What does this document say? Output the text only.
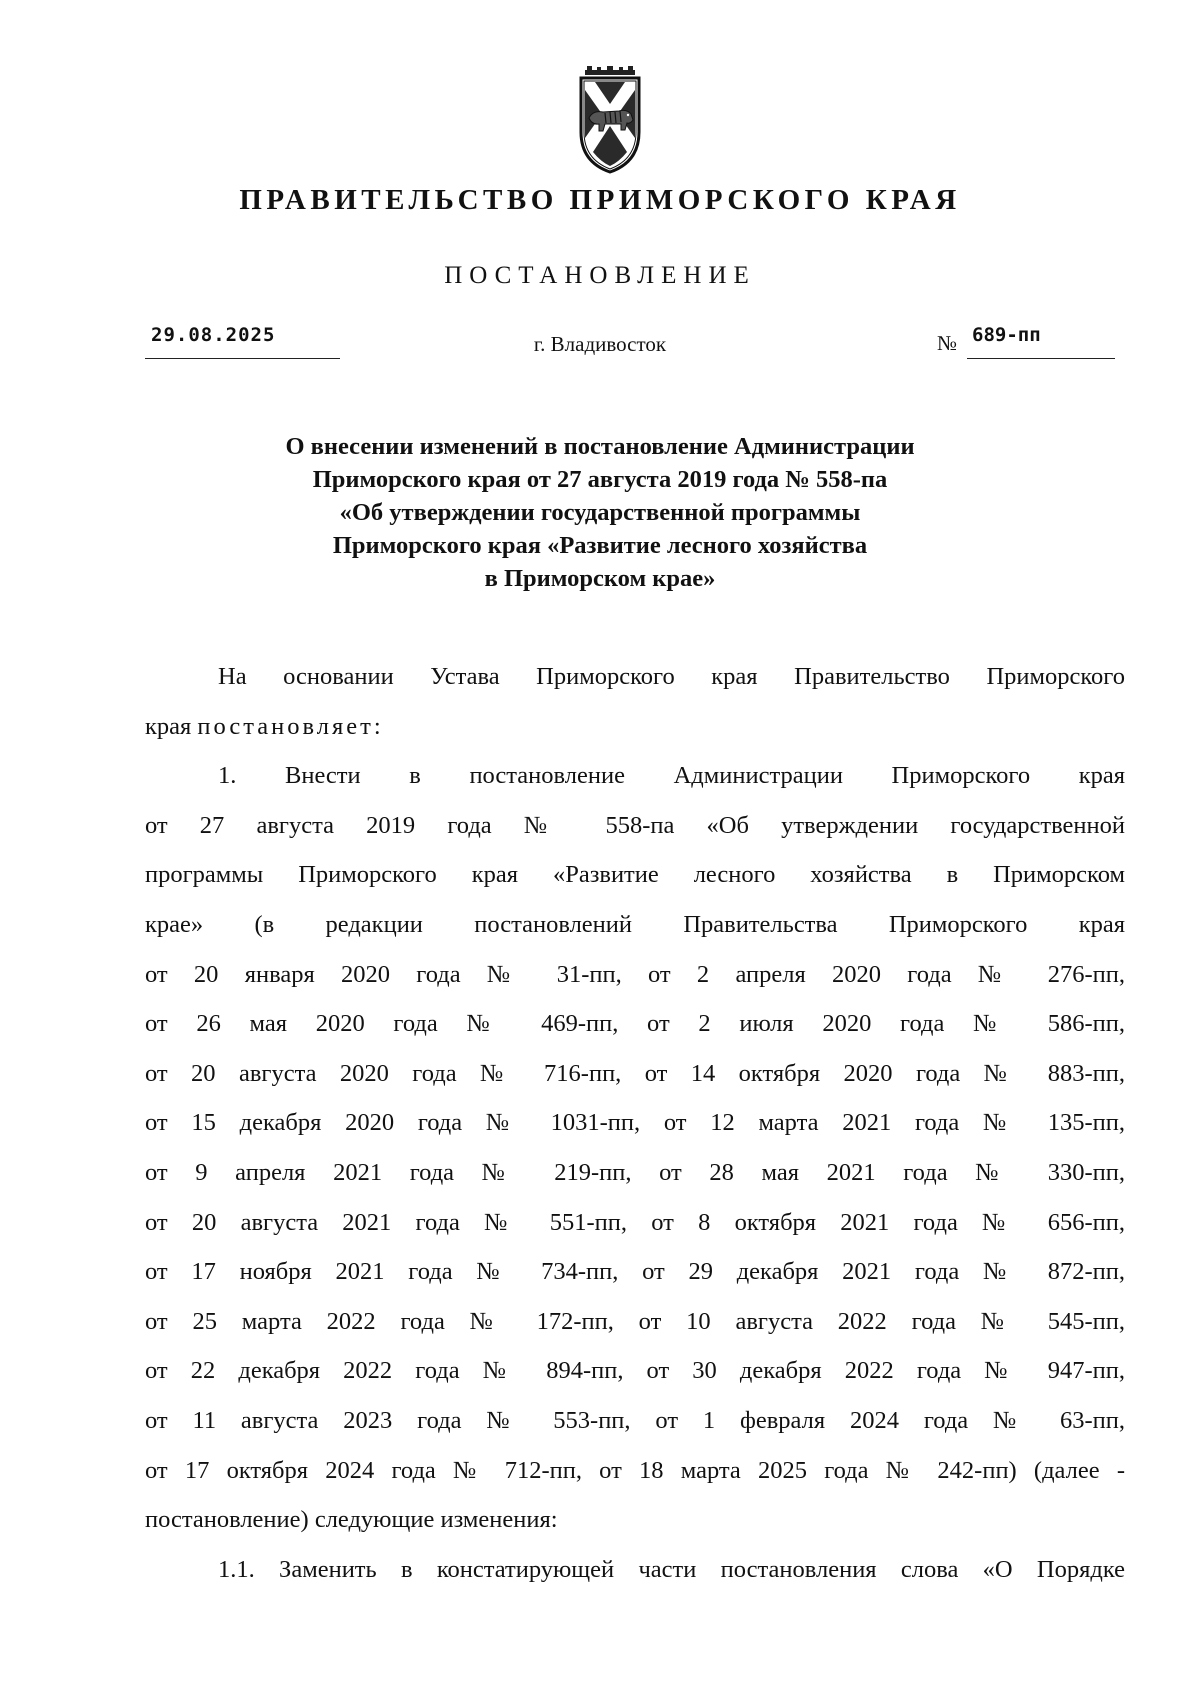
ПРАВИТЕЛЬСТВО ПРИМОРСКОГО КРАЯ
ПОСТАНОВЛЕНИЕ
29.08.2025	г. Владивосток	№ 689-пп
О внесении изменений в постановление Администрации
Приморского края от 27 августа 2019 года № 558-па
«Об утверждении государственной программы
Приморского края «Развитие лесного хозяйства
в Приморском крае»
На основании Устава Приморского края Правительство Приморского
края постановляет:
1. Внести в постановление Администрации Приморского края
от 27 августа 2019 года № 558-па «Об утверждении государственной
программы Приморского края «Развитие лесного хозяйства в Приморском
крае» (в редакции постановлений Правительства Приморского края
от 20 января 2020 года № 31-пп, от 2 апреля 2020 года № 276-пп,
от 26 мая 2020 года № 469-пп, от 2 июля 2020 года № 586-пп,
от 20 августа 2020 года № 716-пп, от 14 октября 2020 года № 883-пп,
от 15 декабря 2020 года № 1031-пп, от 12 марта 2021 года № 135-пп,
от 9 апреля 2021 года № 219-пп, от 28 мая 2021 года № 330-пп,
от 20 августа 2021 года № 551-пп, от 8 октября 2021 года № 656-пп,
от 17 ноября 2021 года № 734-пп, от 29 декабря 2021 года № 872-пп,
от 25 марта 2022 года № 172-пп, от 10 августа 2022 года № 545-пп,
от 22 декабря 2022 года № 894-пп, от 30 декабря 2022 года № 947-пп,
от 11 августа 2023 года № 553-пп, от 1 февраля 2024 года № 63-пп,
от 17 октября 2024 года № 712-пп, от 18 марта 2025 года № 242-пп) (далее -
постановление) следующие изменения:
1.1. Заменить в констатирующей части постановления слова «О Порядке
